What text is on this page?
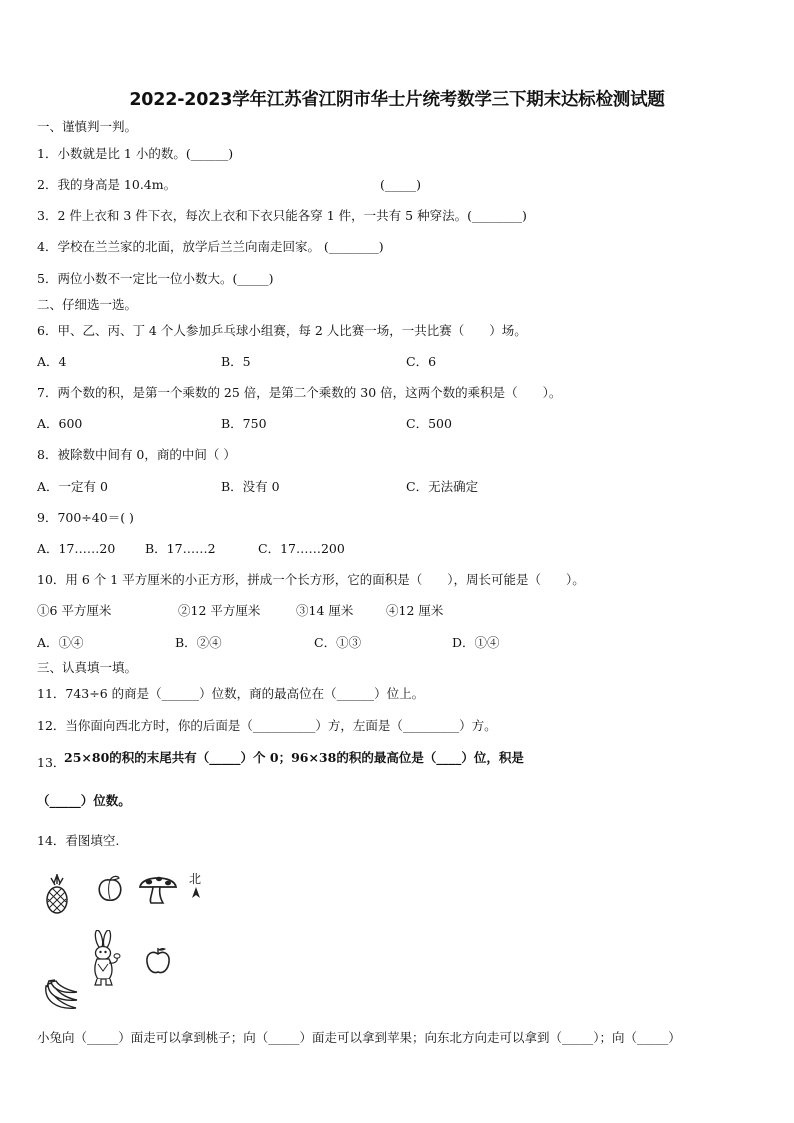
2022-2023学年江苏省江阴市华士片统考数学三下期末达标检测试题
一、谨慎判一判。
1．小数就是比 1 小的数。(______)
2．我的身高是 10.4m。	(_____)
3．2 件上衣和 3 件下衣，每次上衣和下衣只能各穿 1 件，一共有 5 种穿法。(________)
4．学校在兰兰家的北面，放学后兰兰向南走回家。 (________)
5．两位小数不一定比一位小数大。(_____)
二、仔细选一选。
6．甲、乙、丙、丁 4 个人参加乒乓球小组赛，每 2 人比赛一场，一共比赛（　　）场。
A．4	B．5	C．6
7．两个数的积，是第一个乘数的 25 倍，是第二个乘数的 30 倍，这两个数的乘积是（　　）。
A．600	B．750	C．500
8．被除数中间有 0，商的中间（ ）
A．一定有 0	B．没有 0	C．无法确定
9．700÷40＝( )
A．17……20 B．17……2	C．17……200
10．用 6 个 1 平方厘米的小正方形，拼成一个长方形，它的面积是（　　），周长可能是（　　）。
①6 平方厘米	②12 平方厘米	③14 厘米	④12 厘米
A．①④	B．②④	C．①③	D．①④
三、认真填一填。
11．743÷6 的商是（______）位数，商的最高位在（______）位上。
12．当你面向西北方时，你的后面是（__________）方，左面是（_________）方。
13．
25×80的积的末尾共有（_____）个 0；96×38的积的最高位是（____）位，积是
（_____）位数。
14．看图填空.
北
小兔向（_____）面走可以拿到桃子；向（_____）面走可以拿到苹果；向东北方向走可以拿到（_____）；向（_____）
